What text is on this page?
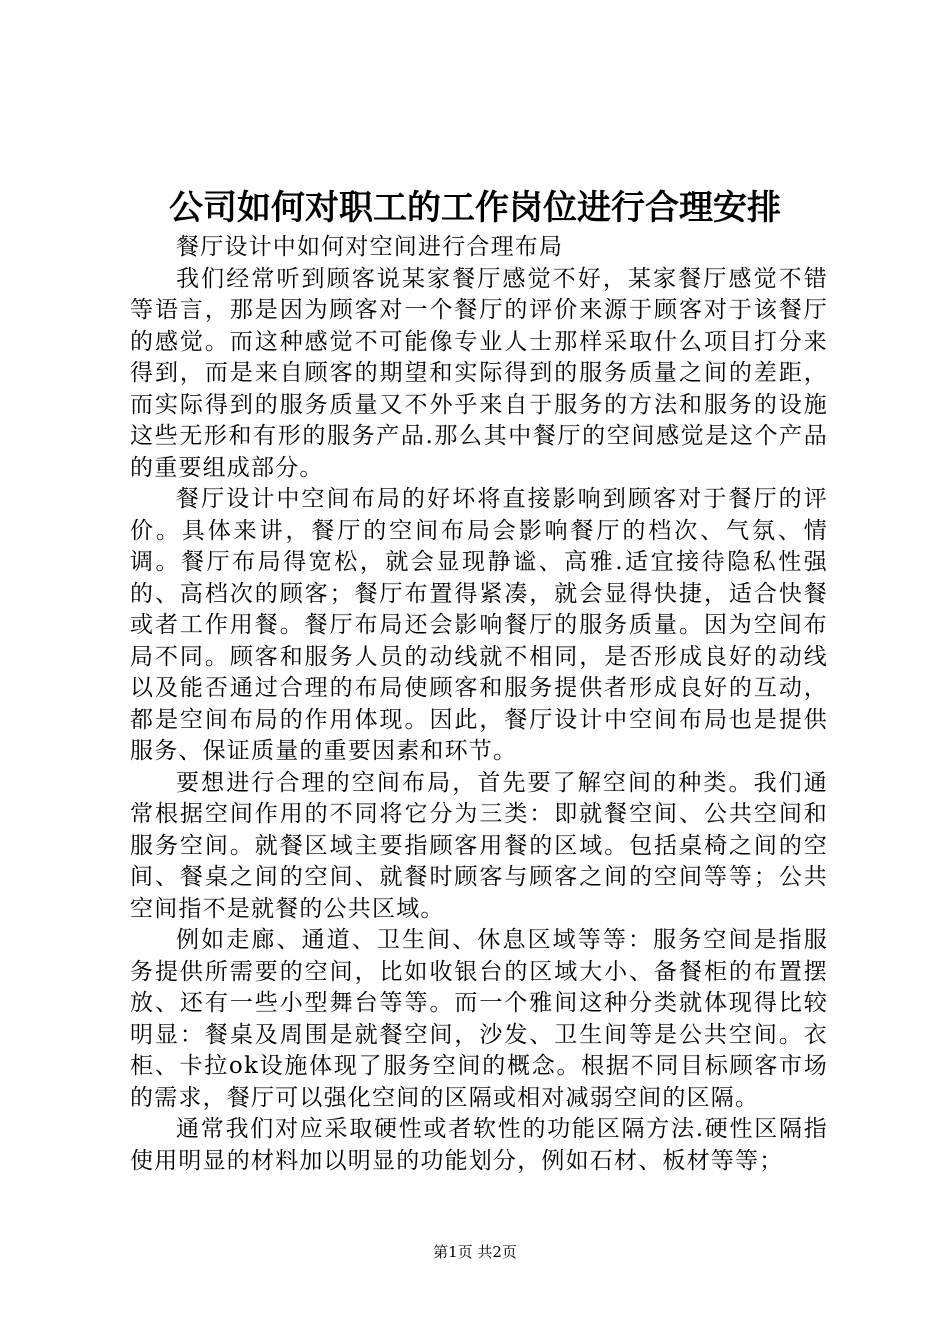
公司如何对职工的工作岗位进行合理安排

餐厅设计中如何对空间进行合理布局

我们经常听到顾客说某家餐厅感觉不好，某家餐厅感觉不错等语言，那是因为顾客对一个餐厅的评价来源于顾客对于该餐厅的感觉。而这种感觉不可能像专业人士那样采取什么项目打分来得到，而是来自顾客的期望和实际得到的服务质量之间的差距，而实际得到的服务质量又不外乎来自于服务的方法和服务的设施这些无形和有形的服务产品.那么其中餐厅的空间感觉是这个产品的重要组成部分。

餐厅设计中空间布局的好坏将直接影响到顾客对于餐厅的评价。具体来讲，餐厅的空间布局会影响餐厅的档次、气氛、情调。餐厅布局得宽松，就会显现静谧、高雅.适宜接待隐私性强的、高档次的顾客；餐厅布置得紧凑，就会显得快捷，适合快餐或者工作用餐。餐厅布局还会影响餐厅的服务质量。因为空间布局不同。顾客和服务人员的动线就不相同，是否形成良好的动线以及能否通过合理的布局使顾客和服务提供者形成良好的互动，都是空间布局的作用体现。因此，餐厅设计中空间布局也是提供服务、保证质量的重要因素和环节。

要想进行合理的空间布局，首先要了解空间的种类。我们通常根据空间作用的不同将它分为三类：即就餐空间、公共空间和服务空间。就餐区域主要指顾客用餐的区域。包括桌椅之间的空间、餐桌之间的空间、就餐时顾客与顾客之间的空间等等；公共空间指不是就餐的公共区域。

例如走廊、通道、卫生间、休息区域等等：服务空间是指服务提供所需要的空间，比如收银台的区域大小、备餐柜的布置摆放、还有一些小型舞台等等。而一个雅间这种分类就体现得比较明显：餐桌及周围是就餐空间，沙发、卫生间等是公共空间。衣柜、卡拉ok设施体现了服务空间的概念。根据不同目标顾客市场的需求，餐厅可以强化空间的区隔或相对减弱空间的区隔。

通常我们对应采取硬性或者软性的功能区隔方法.硬性区隔指使用明显的材料加以明显的功能划分，例如石材、板材等等；

第1页 共2页
